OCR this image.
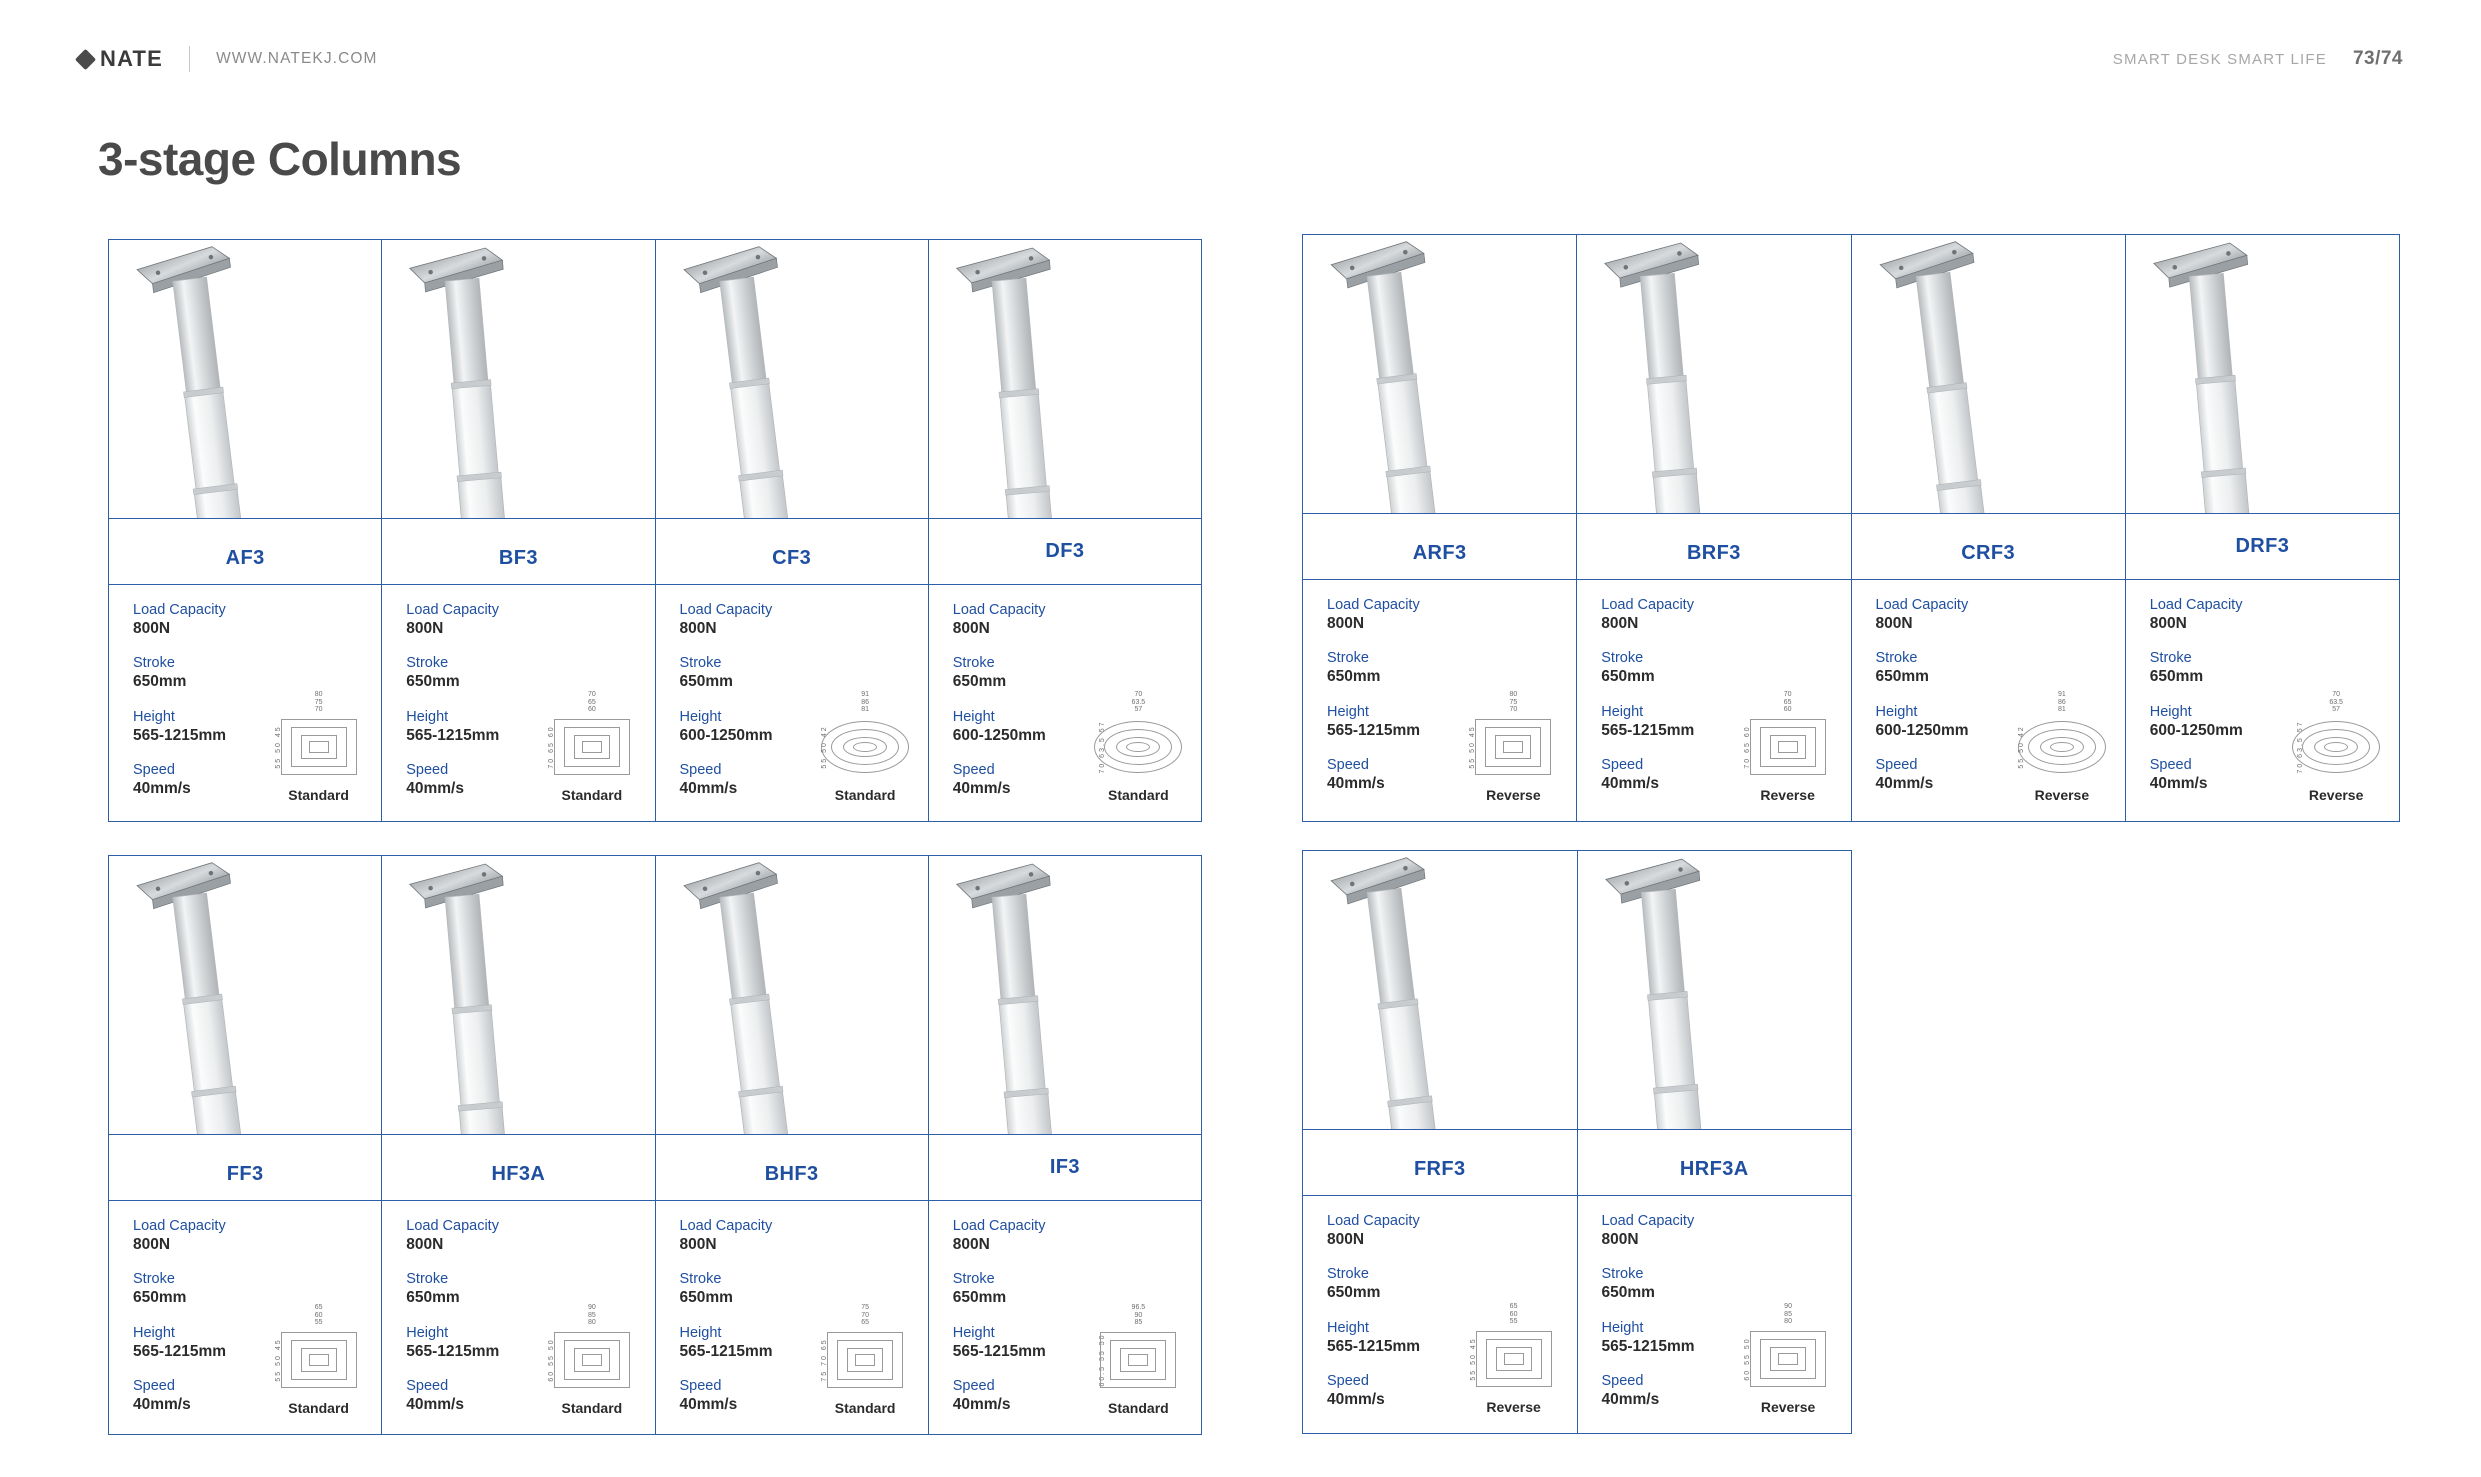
NATE	WWW.NATEKJ.COM	SMART DESK SMART LIFE 73/74
3-stage Columns
AF3
Load Capacity
800N
Stroke
650mm
Height
565-1215mm
Speed
40mm/s
80
75
70
55 50 45
Standard
BF3
Load Capacity
800N
Stroke
650mm
Height
565-1215mm
Speed
40mm/s
70
65
60
70 65 60
Standard
CF3
Load Capacity
800N
Stroke
650mm
Height
600-1250mm
Speed
40mm/s
91
86
81
55 50 42
Standard
DF3
Load Capacity
800N
Stroke
650mm
Height
600-1250mm
Speed
40mm/s
70
63.5
57
70 63.5 57
Standard
ARF3
Load Capacity
800N
Stroke
650mm
Height
565-1215mm
Speed
40mm/s
80
75
70
55 50 45
Reverse
BRF3
Load Capacity
800N
Stroke
650mm
Height
565-1215mm
Speed
40mm/s
70
65
60
70 65 60
Reverse
CRF3
Load Capacity
800N
Stroke
650mm
Height
600-1250mm
Speed
40mm/s
91
86
81
55 50 42
Reverse
DRF3
Load Capacity
800N
Stroke
650mm
Height
600-1250mm
Speed
40mm/s
70
63.5
57
70 63.5 57
Reverse
FF3
Load Capacity
800N
Stroke
650mm
Height
565-1215mm
Speed
40mm/s
65
60
55
55 50 45
Standard
HF3A
Load Capacity
800N
Stroke
650mm
Height
565-1215mm
Speed
40mm/s
90
85
80
60 55 50
Standard
BHF3
Load Capacity
800N
Stroke
650mm
Height
565-1215mm
Speed
40mm/s
75
70
65
75 70 65
Standard
IF3
Load Capacity
800N
Stroke
650mm
Height
565-1215mm
Speed
40mm/s
96.5
90
85
60.5 55 50
Standard
FRF3
Load Capacity
800N
Stroke
650mm
Height
565-1215mm
Speed
40mm/s
65
60
55
55 50 45
Reverse
HRF3A
Load Capacity
800N
Stroke
650mm
Height
565-1215mm
Speed
40mm/s
90
85
80
60 55 50
Reverse
